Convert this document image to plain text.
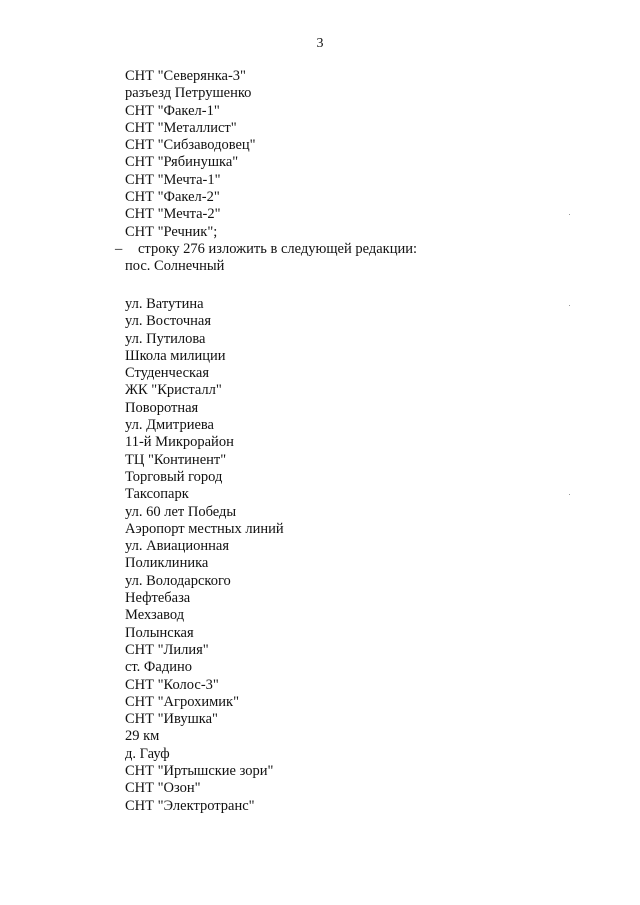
3
СНТ "Северянка-3"
разъезд Петрушенко
СНТ "Факел-1"
СНТ "Металлист"
СНТ "Сибзаводовец"
СНТ "Рябинушка"
СНТ "Мечта-1"
СНТ "Факел-2"
СНТ "Мечта-2"
СНТ "Речник";
– строку 276 изложить в следующей редакции:
пос. Солнечный
ул. Ватутина
ул. Восточная
ул. Путилова
Школа милиции
Студенческая
ЖК "Кристалл"
Поворотная
ул. Дмитриева
11-й Микрорайон
ТЦ "Континент"
Торговый город
Таксопарк
ул. 60 лет Победы
Аэропорт местных линий
ул. Авиационная
Поликлиника
ул. Володарского
Нефтебаза
Мехзавод
Полынская
СНТ "Лилия"
ст. Фадино
СНТ "Колос-3"
СНТ "Агрохимик"
СНТ "Ивушка"
29 км
д. Гауф
СНТ "Иртышские зори"
СНТ "Озон"
СНТ "Электротранс"
